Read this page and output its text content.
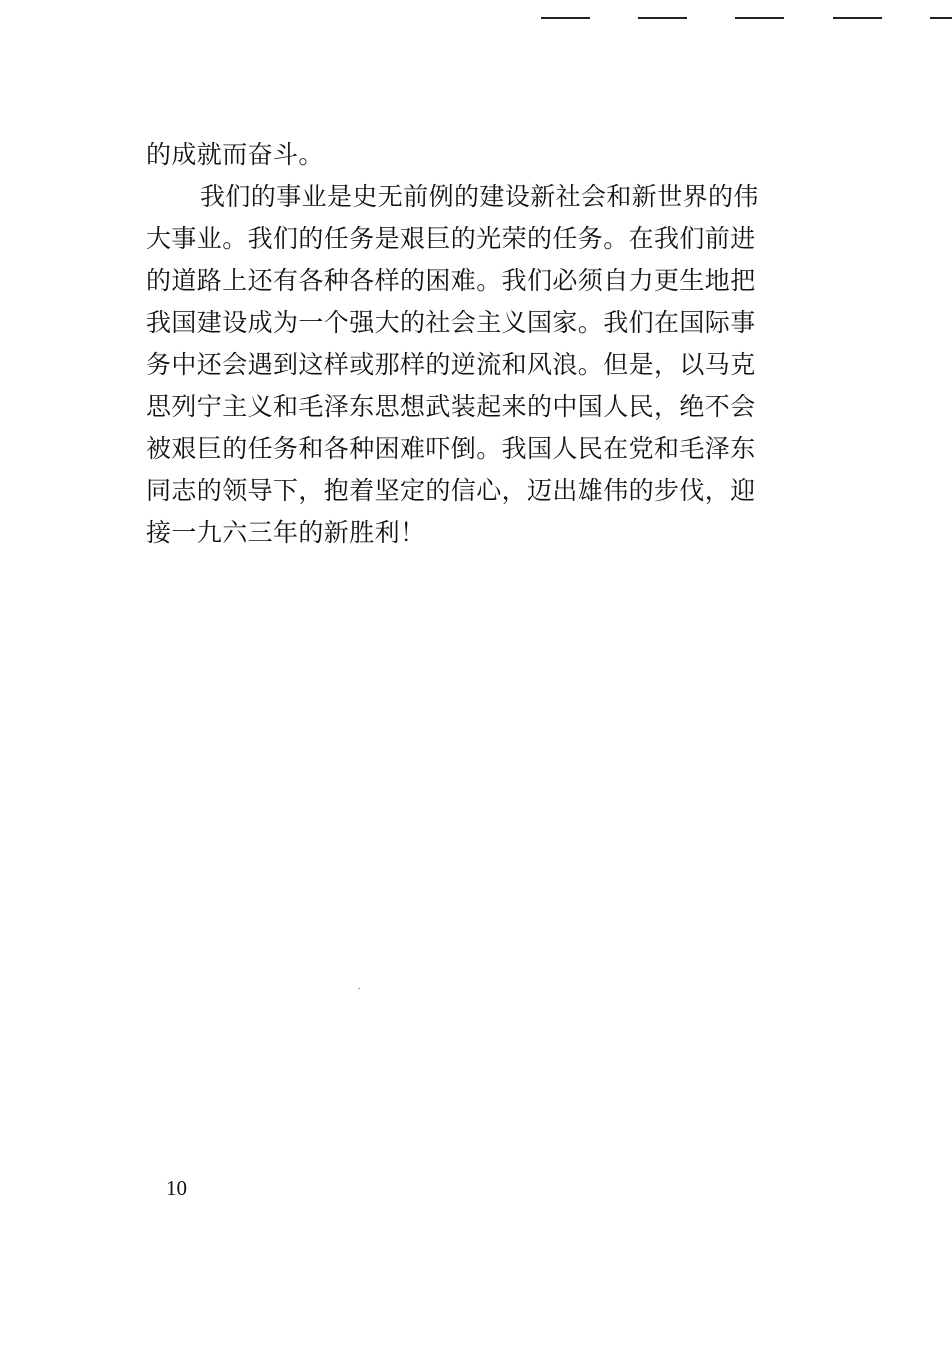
的成就而奋斗。

我们的事业是史无前例的建设新社会和新世界的伟
大事业。我们的任务是艰巨的光荣的任务。在我们前进
的道路上还有各种各样的困难。我们必须自力更生地把
我国建设成为一个强大的社会主义国家。我们在国际事
务中还会遇到这样或那样的逆流和风浪。但是，以马克
思列宁主义和毛泽东思想武装起来的中国人民，绝不会
被艰巨的任务和各种困难吓倒。我国人民在党和毛泽东
同志的领导下，抱着坚定的信心，迈出雄伟的步伐，迎
接一九六三年的新胜利！

10
